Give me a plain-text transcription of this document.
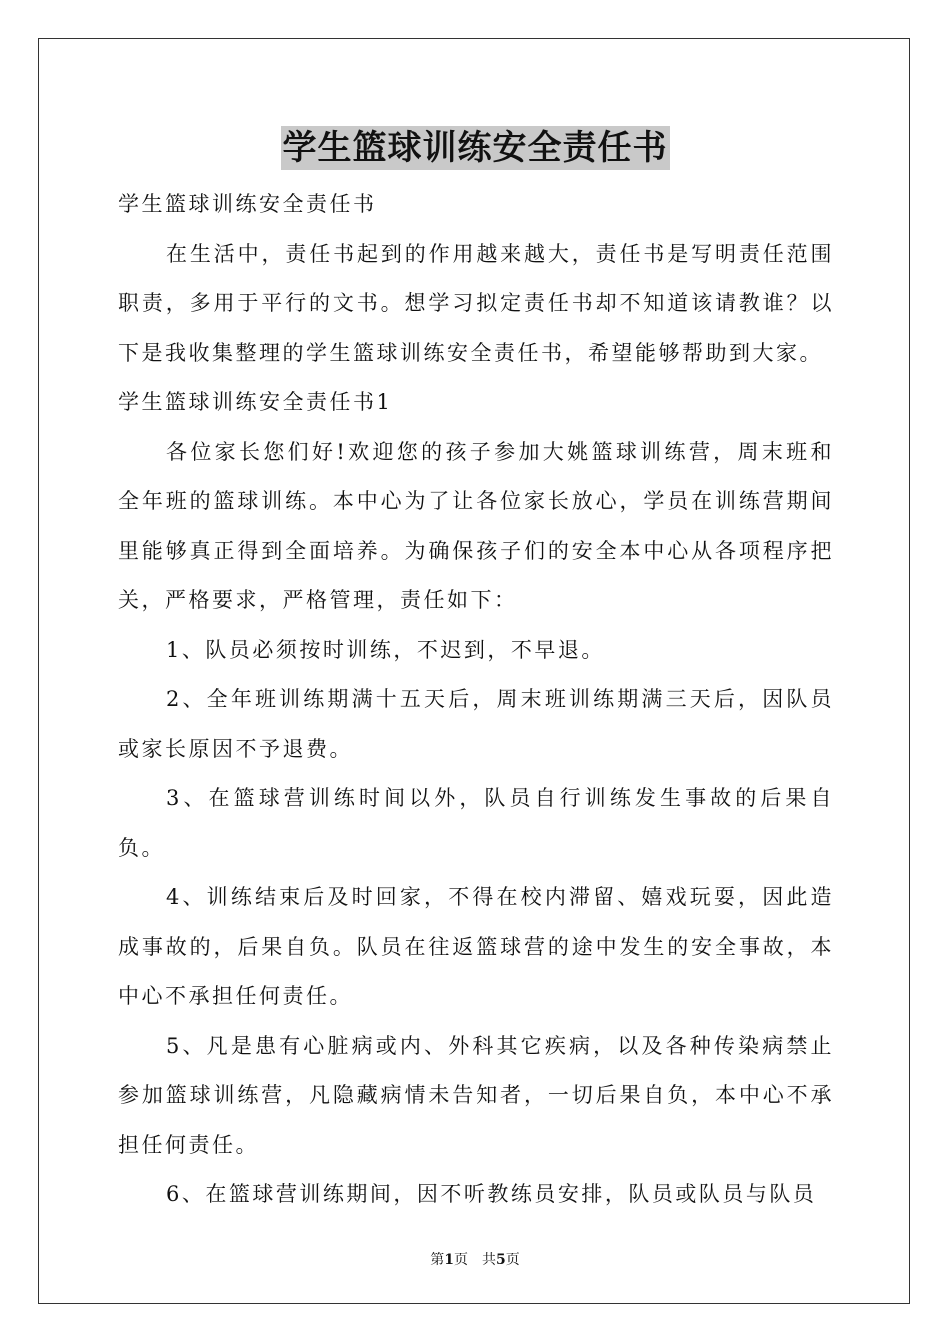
学生篮球训练安全责任书

学生篮球训练安全责任书

在生活中，责任书起到的作用越来越大，责任书是写明责任范围职责，多用于平行的文书。想学习拟定责任书却不知道该请教谁？以下是我收集整理的学生篮球训练安全责任书，希望能够帮助到大家。

学生篮球训练安全责任书1

各位家长您们好!欢迎您的孩子参加大姚篮球训练营，周末班和全年班的篮球训练。本中心为了让各位家长放心，学员在训练营期间里能够真正得到全面培养。为确保孩子们的安全本中心从各项程序把关，严格要求，严格管理，责任如下：

1、队员必须按时训练，不迟到，不早退。

2、全年班训练期满十五天后，周末班训练期满三天后，因队员或家长原因不予退费。

3、在篮球营训练时间以外，队员自行训练发生事故的后果自负。

4、训练结束后及时回家，不得在校内滞留、嬉戏玩耍，因此造成事故的，后果自负。队员在往返篮球营的途中发生的安全事故，本中心不承担任何责任。

5、凡是患有心脏病或内、外科其它疾病，以及各种传染病禁止参加篮球训练营，凡隐藏病情未告知者，一切后果自负，本中心不承担任何责任。

6、在篮球营训练期间，因不听教练员安排，队员或队员与队员

第1页 共5页
